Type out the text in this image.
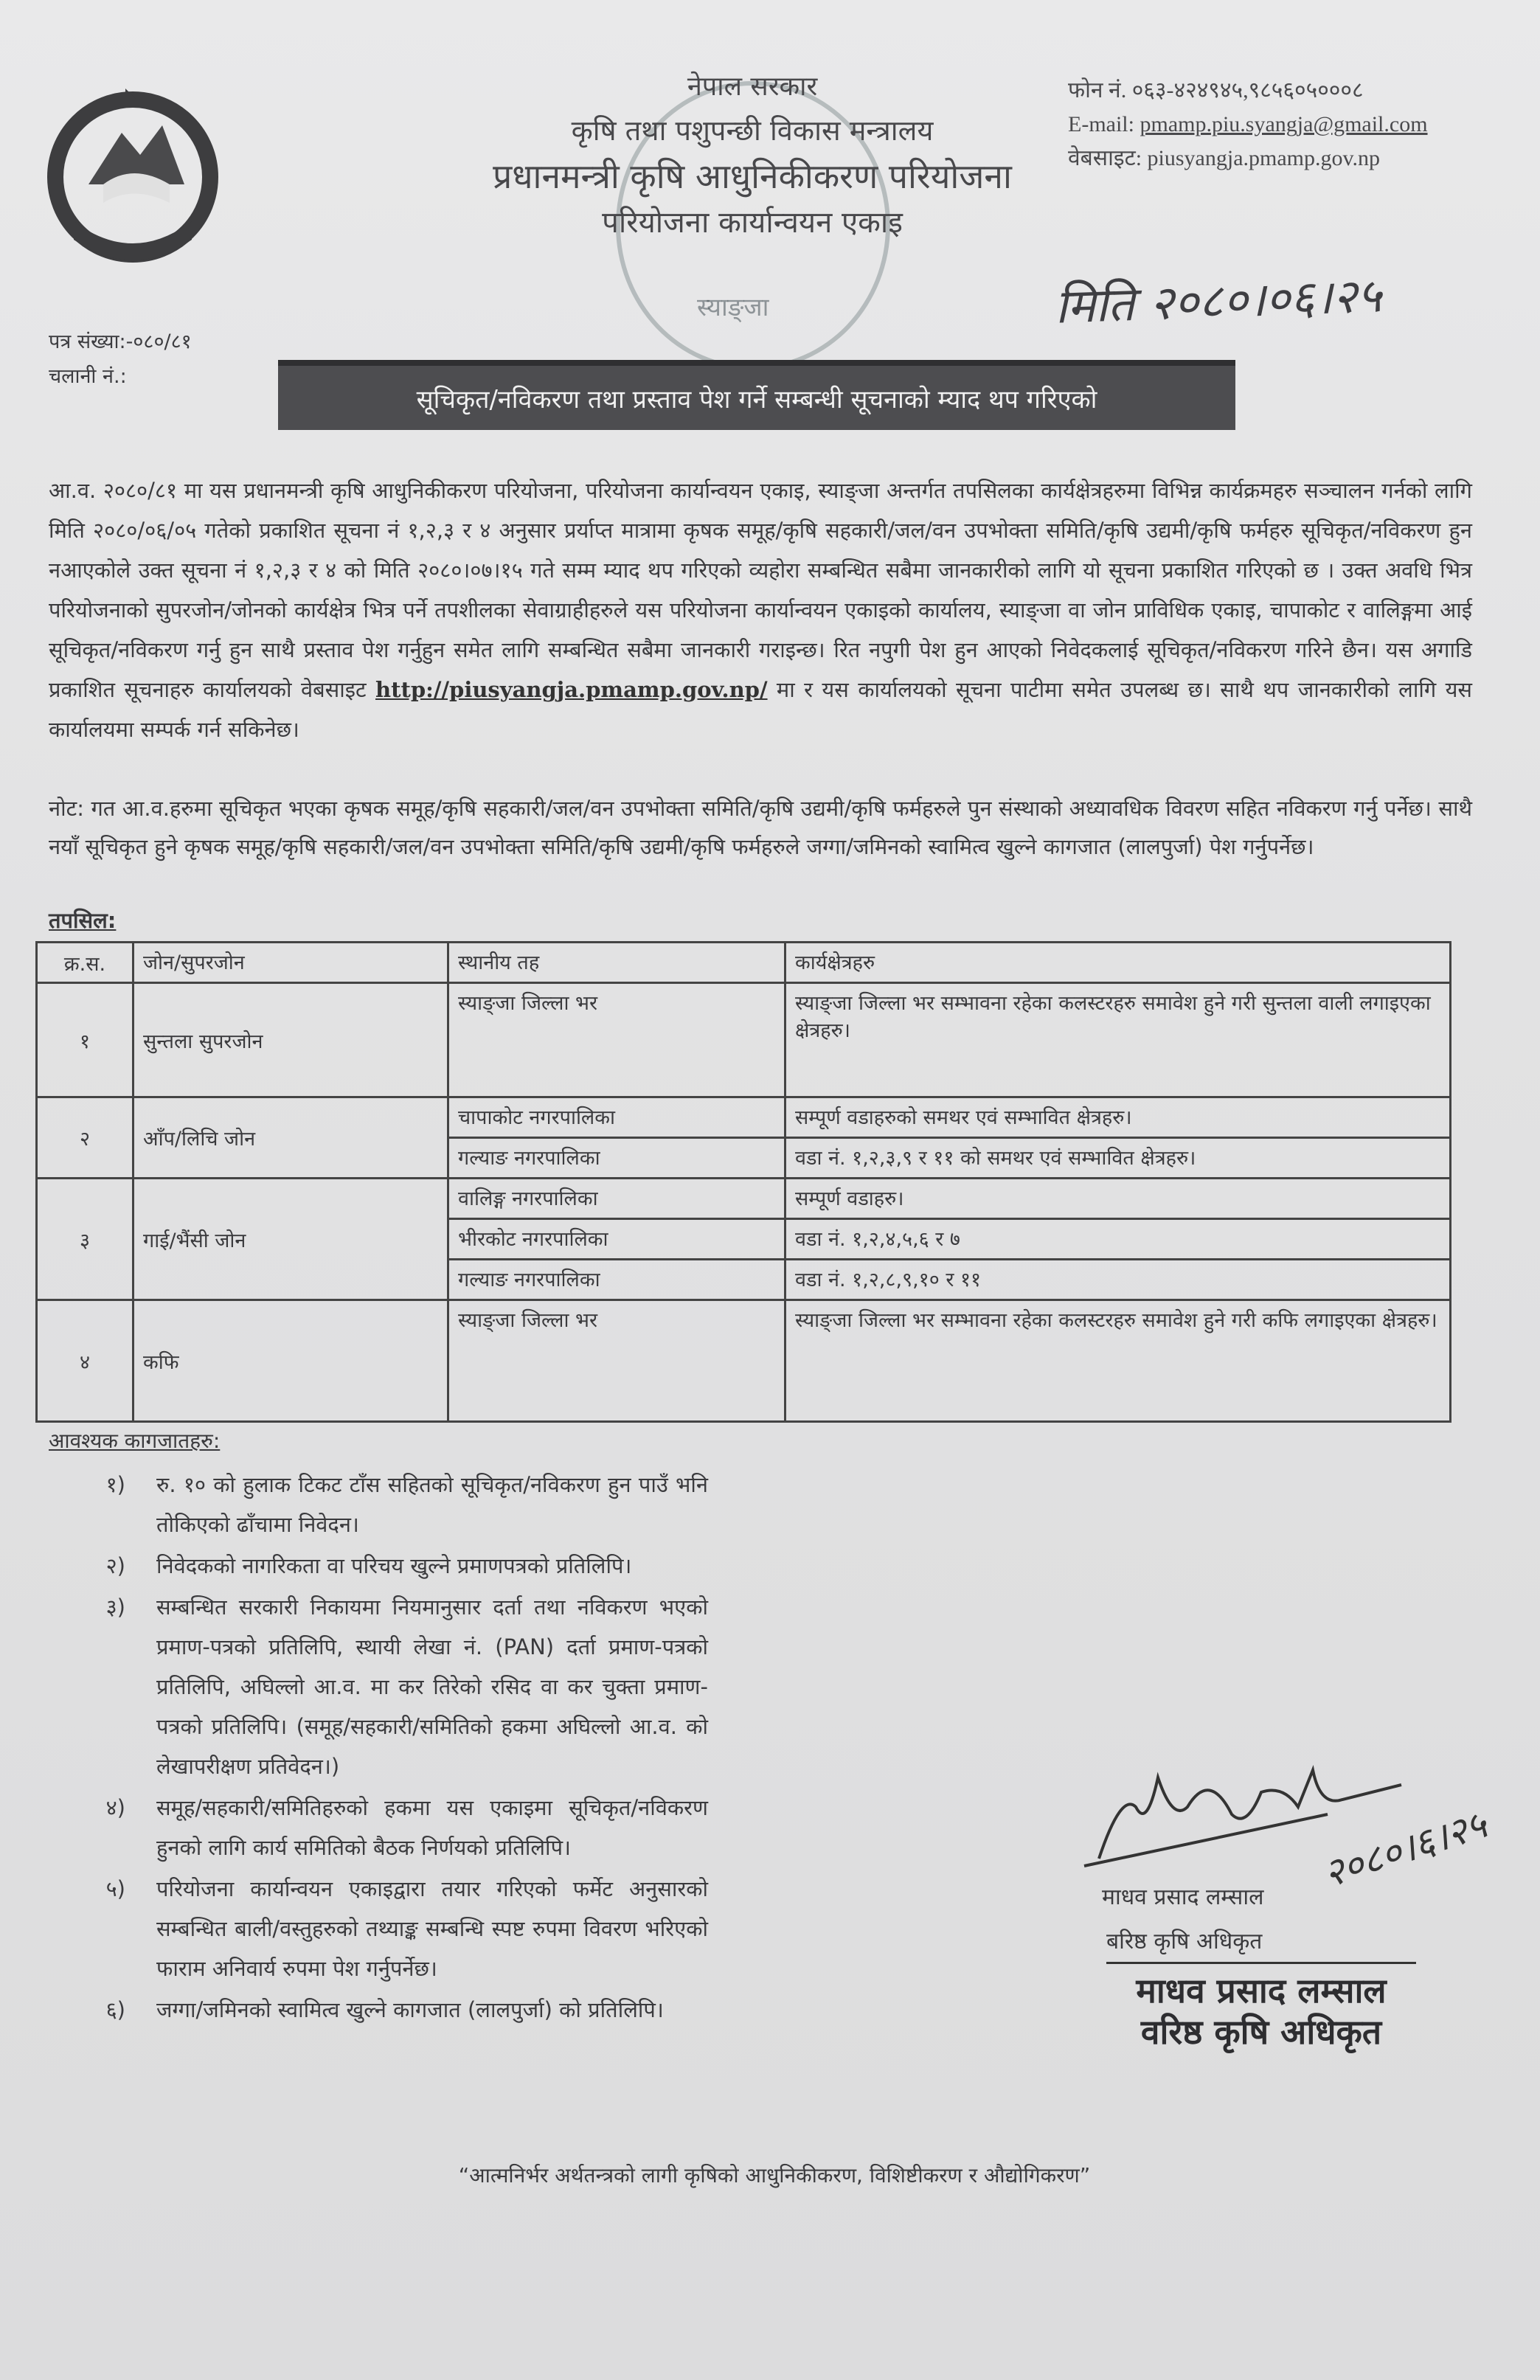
स्याङ्जा
नेपाल सरकार
कृषि तथा पशुपन्छी विकास मन्त्रालय
प्रधानमन्त्री कृषि आधुनिकीकरण परियोजना
परियोजना कार्यान्वयन एकाइ
फोन नं. ०६३-४२४९४५,९८५६०५०००८
E-mail: pmamp.piu.syangja@gmail.com
वेबसाइट: piusyangja.pmamp.gov.np
मिति २०८०।०६।२५
पत्र संख्या:-०८०/८१
चलानी नं.:
सूचिकृत/नविकरण तथा प्रस्ताव पेश गर्ने सम्बन्धी सूचनाको म्याद थप गरिएको
आ.व. २०८०/८१ मा यस प्रधानमन्त्री कृषि आधुनिकीकरण परियोजना, परियोजना कार्यान्वयन एकाइ, स्याङ्जा अन्तर्गत तपसिलका कार्यक्षेत्रहरुमा विभिन्न कार्यक्रमहरु सञ्चालन गर्नको लागि मिति २०८०/०६/०५ गतेको प्रकाशित सूचना नं १,२,३ र ४ अनुसार प्रर्याप्त मात्रामा कृषक समूह/कृषि सहकारी/जल/वन उपभोक्ता समिति/कृषि उद्यमी/कृषि फर्महरु सूचिकृत/नविकरण हुन नआएकोले उक्त सूचना नं १,२,३ र ४ को मिति २०८०।०७।१५ गते सम्म म्याद थप गरिएको व्यहोरा सम्बन्धित सबैमा जानकारीको लागि यो सूचना प्रकाशित गरिएको छ । उक्त अवधि भित्र परियोजनाको सुपरजोन/जोनको कार्यक्षेत्र भित्र पर्ने तपशीलका सेवाग्राहीहरुले यस परियोजना कार्यान्वयन एकाइको कार्यालय, स्याङ्जा वा जोन प्राविधिक एकाइ, चापाकोट र वालिङ्गमा आई सूचिकृत/नविकरण गर्नु हुन साथै प्रस्ताव पेश गर्नुहुन समेत लागि सम्बन्धित सबैमा जानकारी गराइन्छ। रित नपुगी पेश हुन आएको निवेदकलाई सूचिकृत/नविकरण गरिने छैन। यस अगाडि प्रकाशित सूचनाहरु कार्यालयको वेबसाइट http://piusyangja.pmamp.gov.np/ मा र यस कार्यालयको सूचना पाटीमा समेत उपलब्ध छ। साथै थप जानकारीको लागि यस कार्यालयमा सम्पर्क गर्न सकिनेछ।
नोट: गत आ.व.हरुमा सूचिकृत भएका कृषक समूह/कृषि सहकारी/जल/वन उपभोक्ता समिति/कृषि उद्यमी/कृषि फर्महरुले पुन संस्थाको अध्यावधिक विवरण सहित नविकरण गर्नु पर्नेछ। साथै नयाँ सूचिकृत हुने कृषक समूह/कृषि सहकारी/जल/वन उपभोक्ता समिति/कृषि उद्यमी/कृषि फर्महरुले जग्गा/जमिनको स्वामित्व खुल्ने कागजात (लालपुर्जा) पेश गर्नुपर्नेछ।
तपसिल:
क्र.स.	जोन/सुपरजोन	स्थानीय तह	कार्यक्षेत्रहरु
१	सुन्तला सुपरजोन	स्याङ्जा जिल्ला भर	स्याङ्जा जिल्ला भर सम्भावना रहेका कलस्टरहरु समावेश हुने गरी सुन्तला वाली लगाइएका क्षेत्रहरु।
२	आँप/लिचि जोन	चापाकोट नगरपालिका	सम्पूर्ण वडाहरुको समथर एवं सम्भावित क्षेत्रहरु।
		गल्याङ नगरपालिका	वडा नं. १,२,३,९ र ११ को समथर एवं सम्भावित क्षेत्रहरु।
३	गाई/भैंसी जोन	वालिङ्ग नगरपालिका	सम्पूर्ण वडाहरु।
		भीरकोट नगरपालिका	वडा नं. १,२,४,५,६ र ७
		गल्याङ नगरपालिका	वडा नं. १,२,८,९,१० र ११
४	कफि	स्याङ्जा जिल्ला भर	स्याङ्जा जिल्ला भर सम्भावना रहेका कलस्टरहरु समावेश हुने गरी कफि लगाइएका क्षेत्रहरु।
आवश्यक कागजातहरु:
१)	रु. १० को हुलाक टिकट टाँस सहितको सूचिकृत/नविकरण हुन पाउँ भनि तोकिएको ढाँचामा निवेदन।
२)	निवेदकको नागरिकता वा परिचय खुल्ने प्रमाणपत्रको प्रतिलिपि।
३)	सम्बन्धित सरकारी निकायमा नियमानुसार दर्ता तथा नविकरण भएको प्रमाण-पत्रको प्रतिलिपि, स्थायी लेखा नं. (PAN) दर्ता प्रमाण-पत्रको प्रतिलिपि, अघिल्लो आ.व. मा कर तिरेको रसिद वा कर चुक्ता प्रमाण-पत्रको प्रतिलिपि। (समूह/सहकारी/समितिको हकमा अघिल्लो आ.व. को लेखापरीक्षण प्रतिवेदन।)
४)	समूह/सहकारी/समितिहरुको हकमा यस एकाइमा सूचिकृत/नविकरण हुनको लागि कार्य समितिको बैठक निर्णयको प्रतिलिपि।
५)	परियोजना कार्यान्वयन एकाइद्वारा तयार गरिएको फर्मेट अनुसारको सम्बन्धित बाली/वस्तुहरुको तथ्याङ्क सम्बन्धि स्पष्ट रुपमा विवरण भरिएको फाराम अनिवार्य रुपमा पेश गर्नुपर्नेछ।
६)	जग्गा/जमिनको स्वामित्व खुल्ने कागजात (लालपुर्जा) को प्रतिलिपि।
२०८०।६।२५
माधव प्रसाद लम्साल
बरिष्ठ कृषि अधिकृत
माधव प्रसाद लम्साल
वरिष्ठ कृषि अधिकृत
“आत्मनिर्भर अर्थतन्त्रको लागी कृषिको आधुनिकीकरण, विशिष्टीकरण र औद्योगिकरण”
